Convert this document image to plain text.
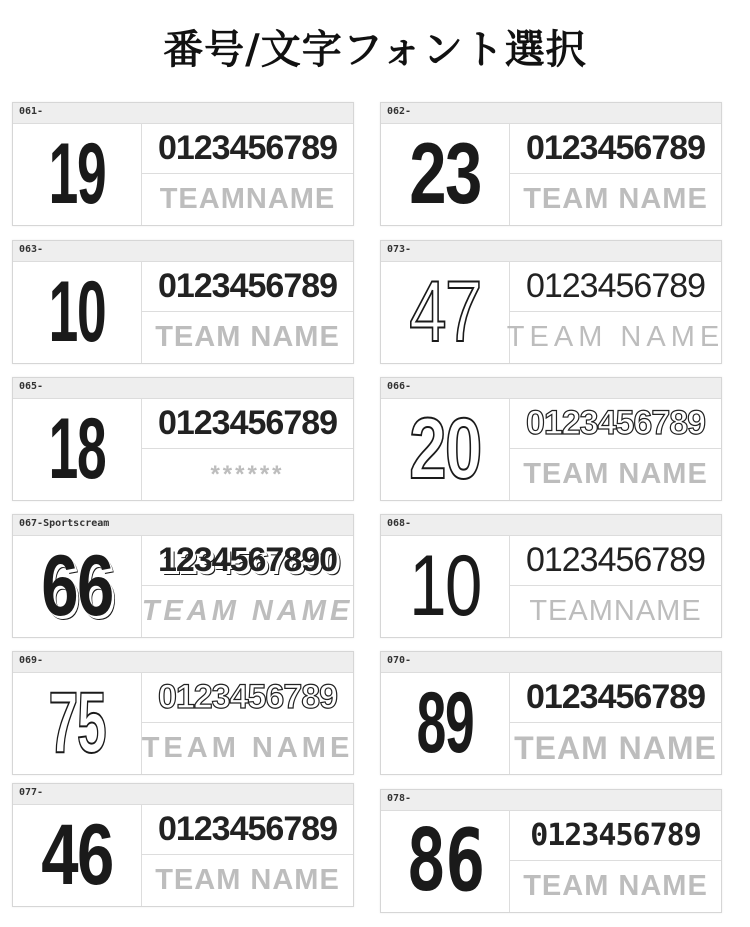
番号/文字フォント選択
061-
19	0123456789
TEAMNAME
062-
23	0123456789
TEAM NAME
063-
10	0123456789
TEAM NAME
073-
47	0123456789
TEAM NAME
065-
18	0123456789
******
066-
20	0123456789
TEAM NAME
067-Sportscream
66	1234567890
TEAM NAME
068-
10	0123456789
TEAMNAME
069-
75	0123456789
TEAM NAME
070-
89	0123456789
TEAM NAME
077-
46	0123456789
TEAM NAME
078-
86	0123456789
TEAM NAME
